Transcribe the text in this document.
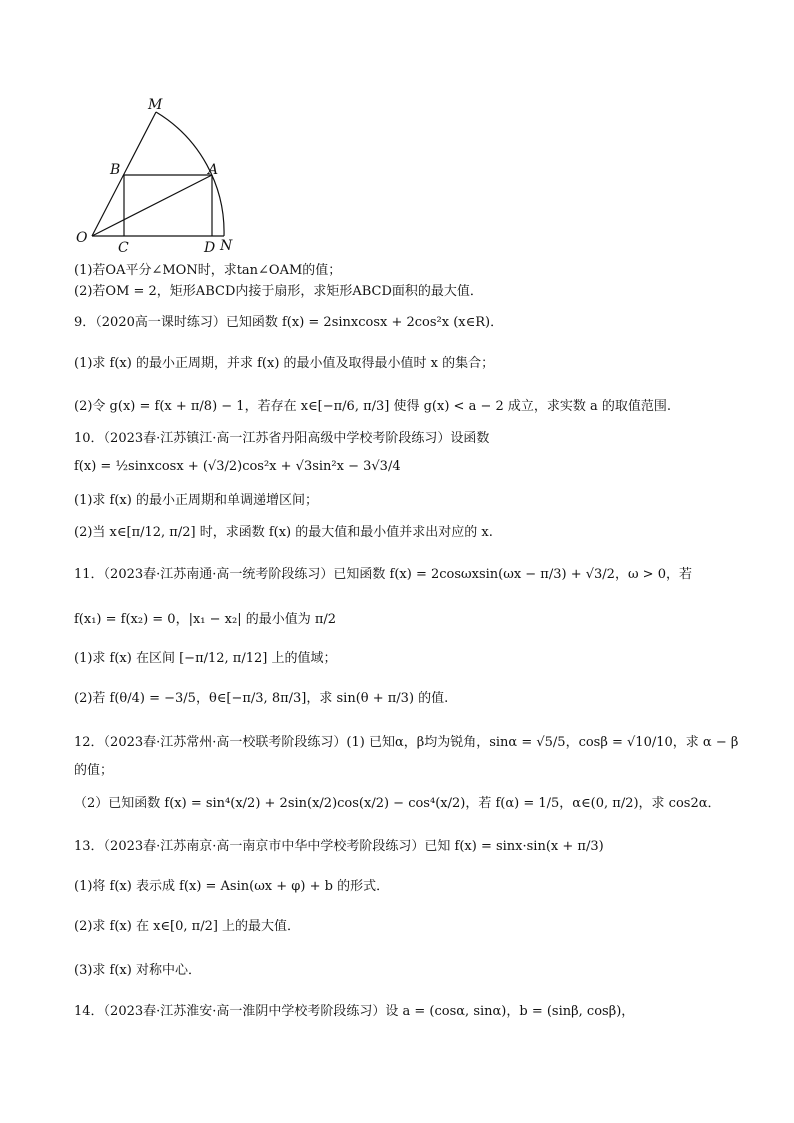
M
B	A
O
C	D N
(1)若OA平分∠MON时，求tan∠OAM的值；
(2)若OM = 2，矩形ABCD内接于扇形，求矩形ABCD面积的最大值．
9．（2020高一课时练习）已知函数 f(x) = 2sinxcosx + 2cos²x (x∈R)．
(1)求 f(x) 的最小正周期，并求 f(x) 的最小值及取得最小值时 x 的集合；
(2)令 g(x) = f(x + π/8) − 1，若存在 x∈[−π/6, π/3] 使得 g(x) < a − 2 成立，求实数 a 的取值范围.
10．（2023春·江苏镇江·高一江苏省丹阳高级中学校考阶段练习）设函数
f(x) = ½sinxcosx + (√3/2)cos²x + √3sin²x − 3√3/4
(1)求 f(x) 的最小正周期和单调递增区间；
(2)当 x∈[π/12, π/2] 时，求函数 f(x) 的最大值和最小值并求出对应的 x.
11．（2023春·江苏南通·高一统考阶段练习）已知函数 f(x) = 2cosωxsin(ωx − π/3) + √3/2，ω > 0，若
f(x₁) = f(x₂) = 0，|x₁ − x₂| 的最小值为 π/2
(1)求 f(x) 在区间 [−π/12, π/12] 上的值域；
(2)若 f(θ/4) = −3/5，θ∈[−π/3, 8π/3]，求 sin(θ + π/3) 的值.
12．（2023春·江苏常州·高一校联考阶段练习）(1) 已知α，β均为锐角，sinα = √5/5，cosβ = √10/10，求 α − β
的值；
（2）已知函数 f(x) = sin⁴(x/2) + 2sin(x/2)cos(x/2) − cos⁴(x/2)，若 f(α) = 1/5，α∈(0, π/2)，求 cos2α．
13．（2023春·江苏南京·高一南京市中华中学校考阶段练习）已知 f(x) = sinx·sin(x + π/3)
(1)将 f(x) 表示成 f(x) = Asin(ωx + φ) + b 的形式．
(2)求 f(x) 在 x∈[0, π/2] 上的最大值．
(3)求 f(x) 对称中心．
14．（2023春·江苏淮安·高一淮阴中学校考阶段练习）设 a = (cosα, sinα)，b = (sinβ, cosβ)，
